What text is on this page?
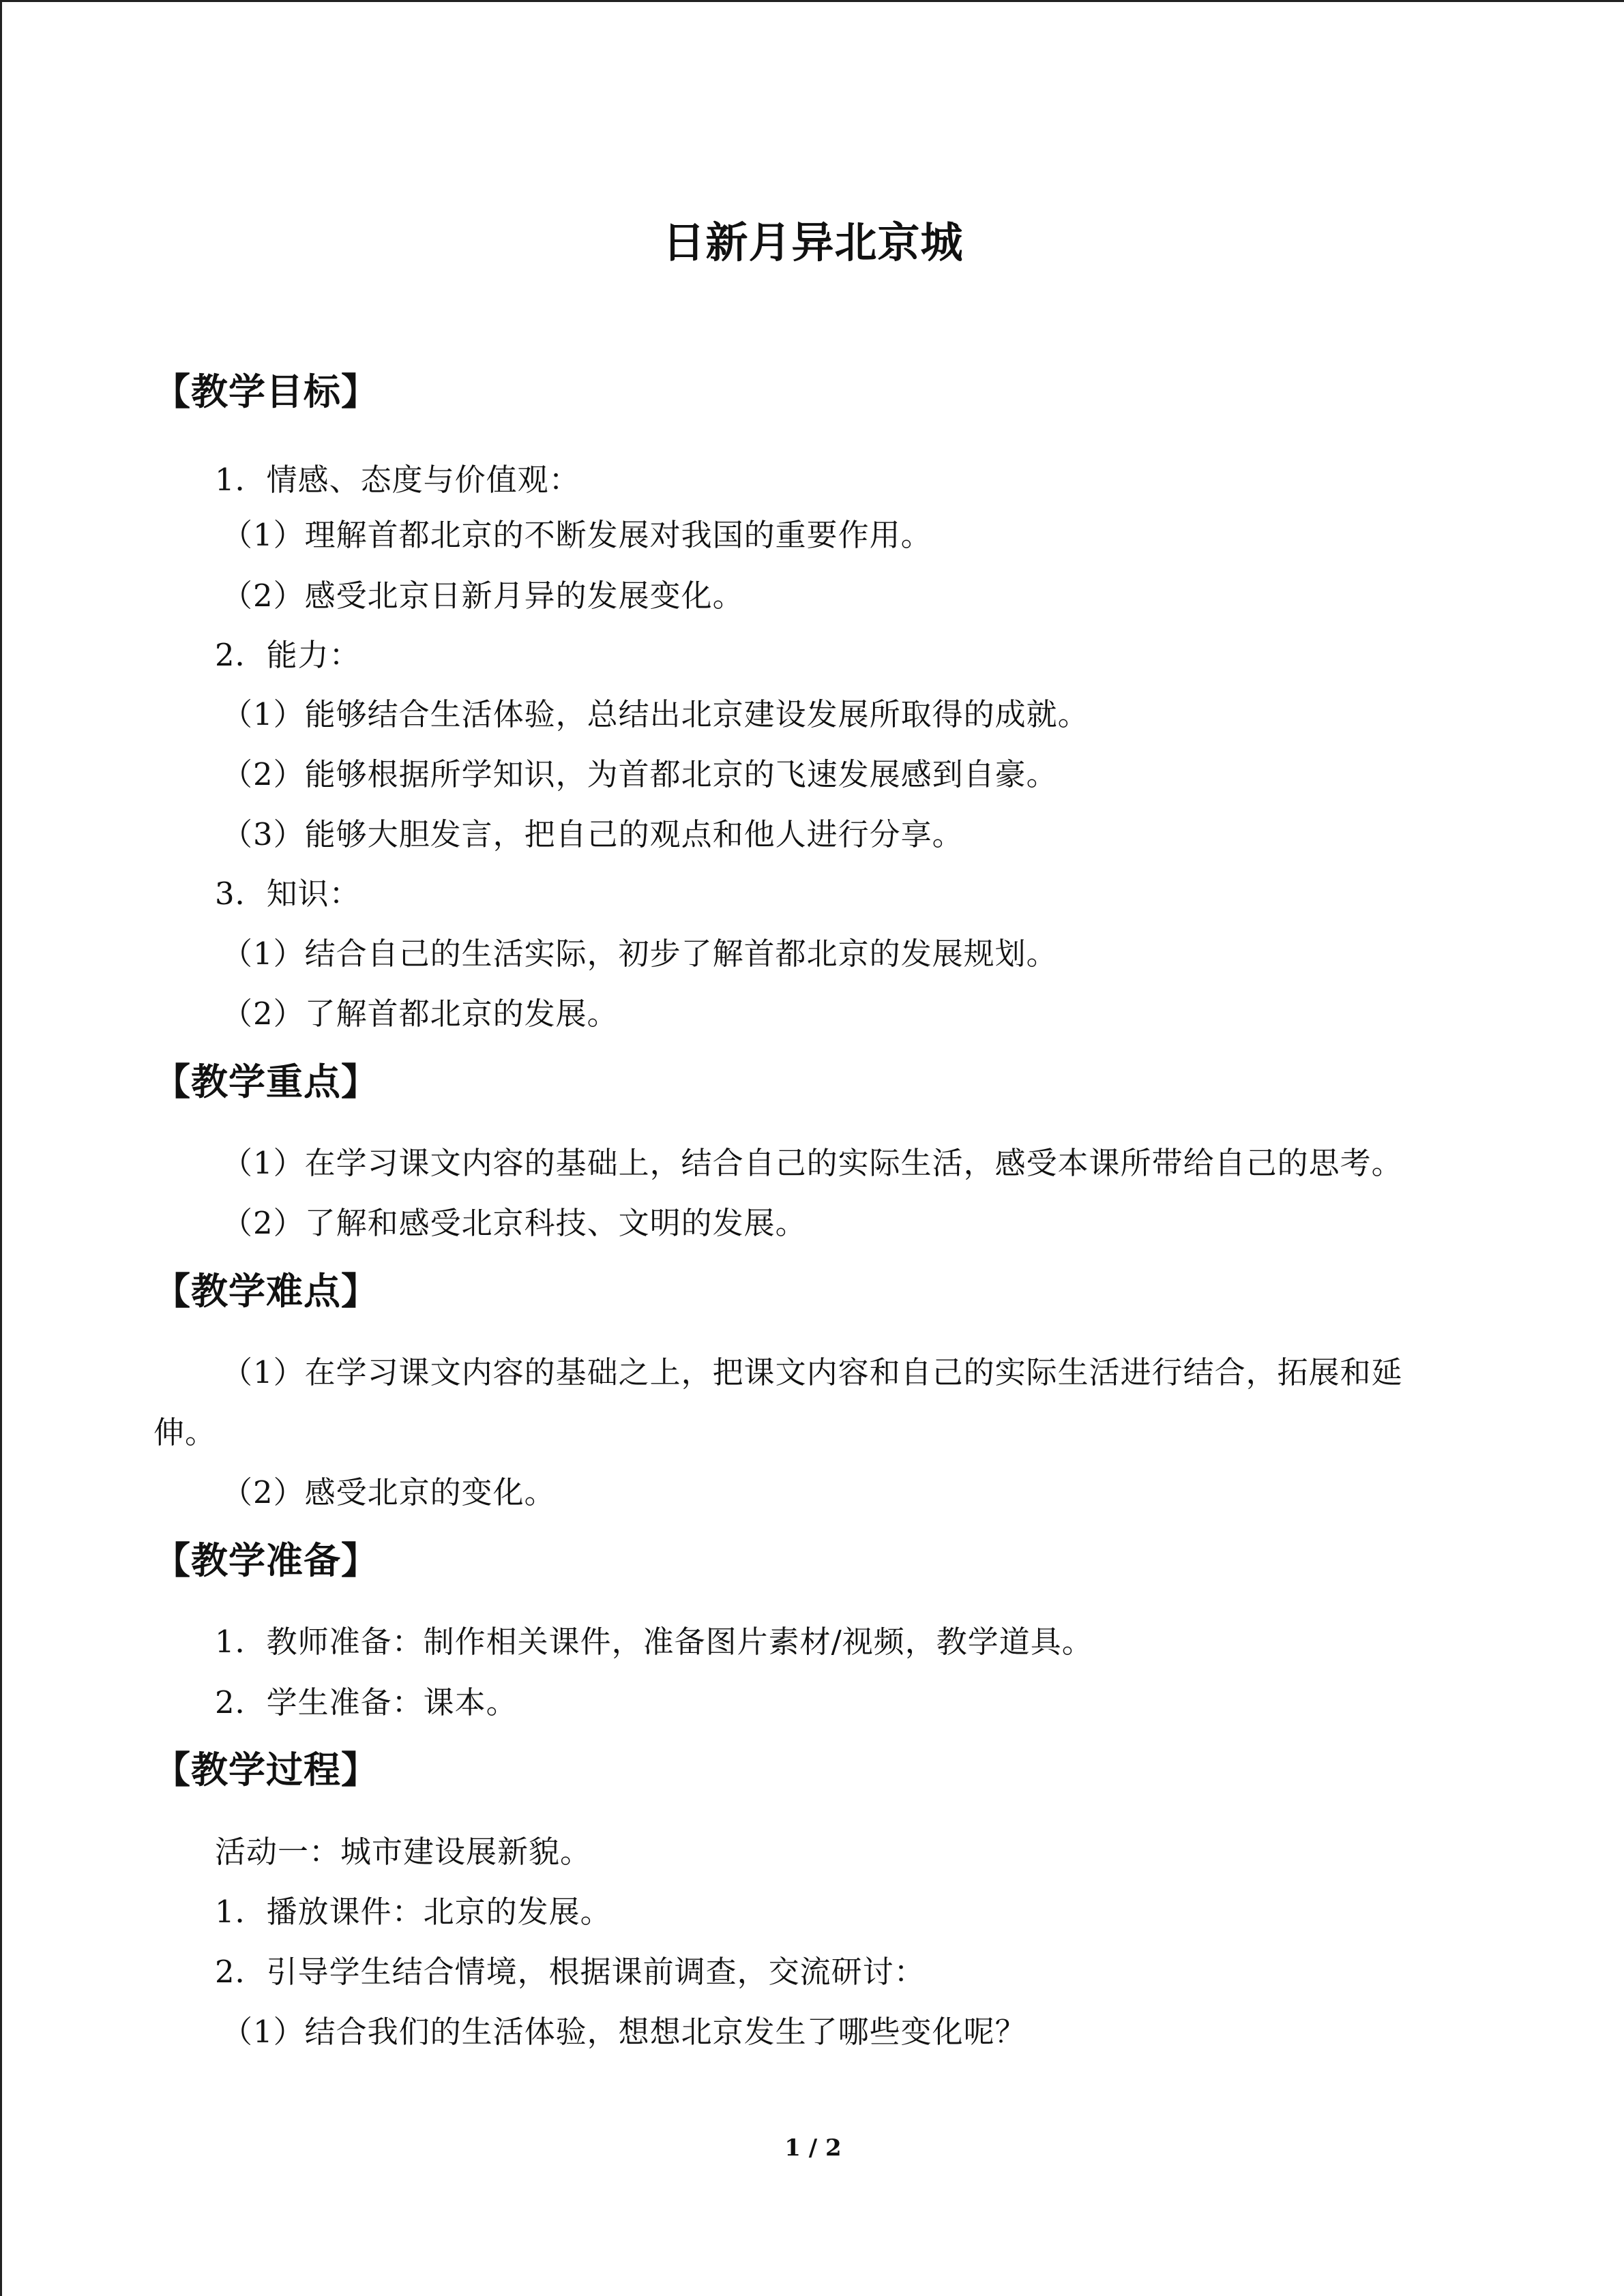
日新月异北京城
【教学目标】
1．情感、态度与价值观：
（1）理解首都北京的不断发展对我国的重要作用。
（2）感受北京日新月异的发展变化。
2．能力：
（1）能够结合生活体验，总结出北京建设发展所取得的成就。
（2）能够根据所学知识，为首都北京的飞速发展感到自豪。
（3）能够大胆发言，把自己的观点和他人进行分享。
3．知识：
（1）结合自己的生活实际，初步了解首都北京的发展规划。
（2）了解首都北京的发展。
【教学重点】
（1）在学习课文内容的基础上，结合自己的实际生活，感受本课所带给自己的思考。
（2）了解和感受北京科技、文明的发展。
【教学难点】
（1）在学习课文内容的基础之上，把课文内容和自己的实际生活进行结合，拓展和延
伸。
（2）感受北京的变化。
【教学准备】
1．教师准备：制作相关课件，准备图片素材/视频，教学道具。
2．学生准备：课本。
【教学过程】
活动一：城市建设展新貌。
1．播放课件：北京的发展。
2．引导学生结合情境，根据课前调查，交流研讨：
（1）结合我们的生活体验，想想北京发生了哪些变化呢？
1 / 2
